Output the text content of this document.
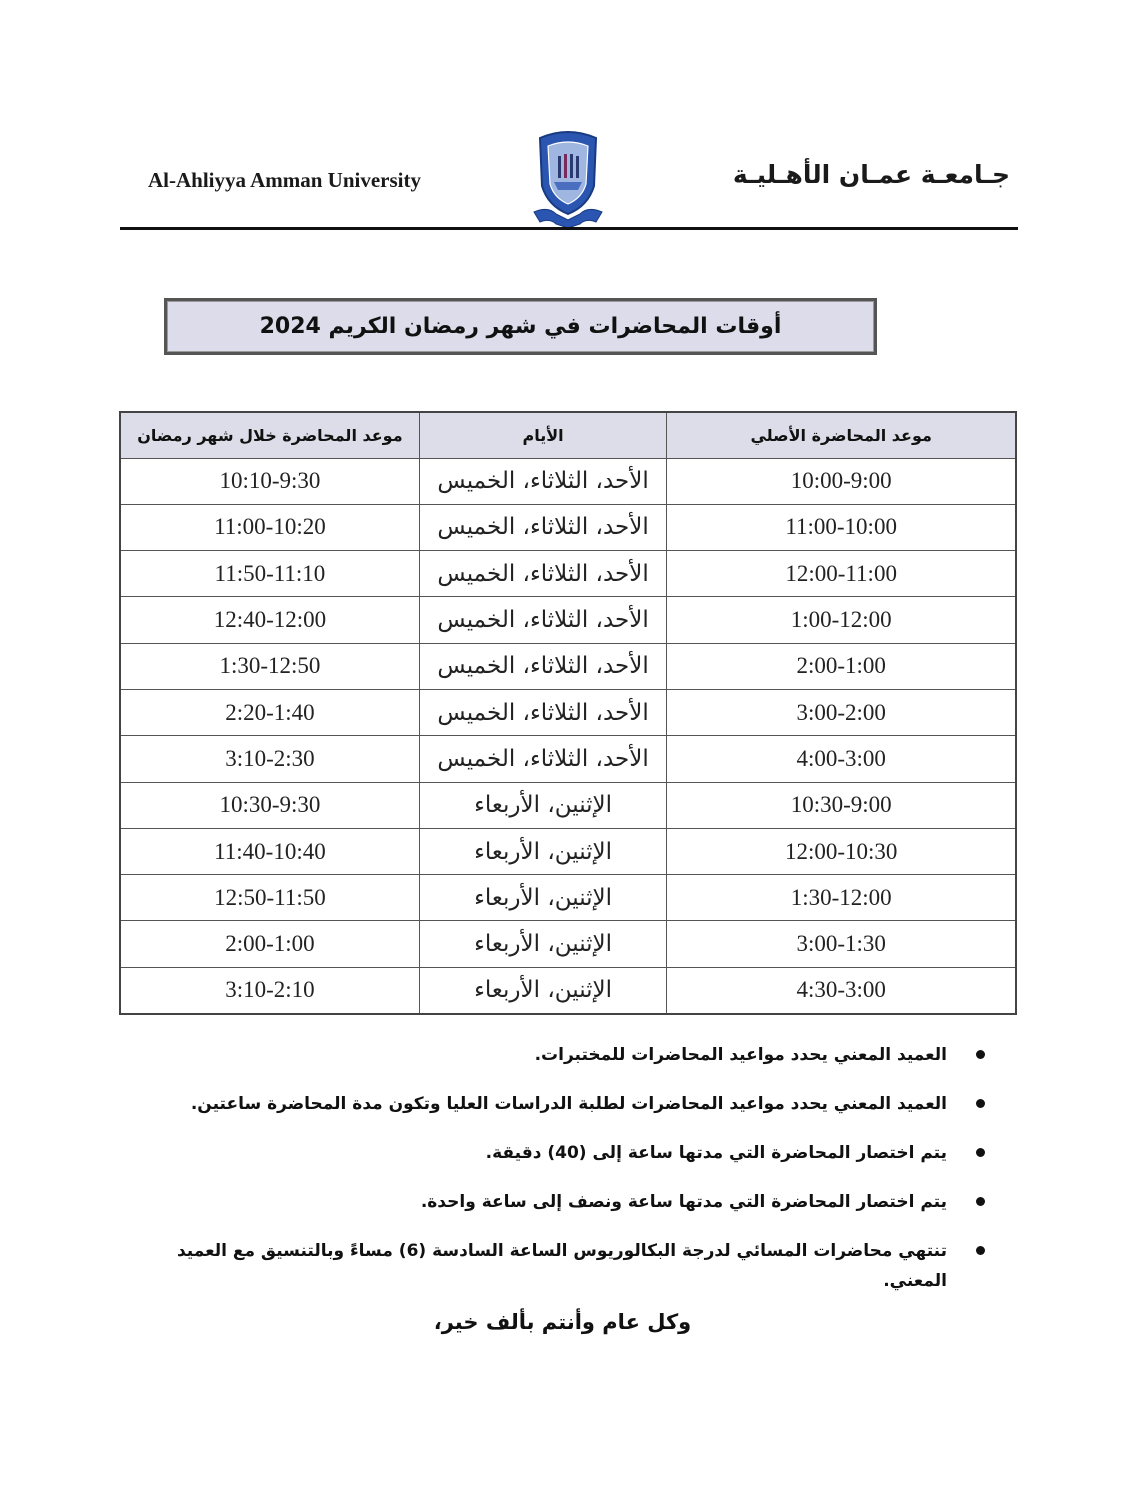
Al-Ahliyya Amman University	جـامعـة عمـان الأهـليـة
أوقات المحاضرات في شهر رمضان الكريم 2024
موعد المحاضرة الأصلي	الأيام	موعد المحاضرة خلال شهر رمضان
10:00-9:00	الأحد، الثلاثاء، الخميس	10:10-9:30
11:00-10:00	الأحد، الثلاثاء، الخميس	11:00-10:20
12:00-11:00	الأحد، الثلاثاء، الخميس	11:50-11:10
1:00-12:00	الأحد، الثلاثاء، الخميس	12:40-12:00
2:00-1:00	الأحد، الثلاثاء، الخميس	1:30-12:50
3:00-2:00	الأحد، الثلاثاء، الخميس	2:20-1:40
4:00-3:00	الأحد، الثلاثاء، الخميس	3:10-2:30
10:30-9:00	الإثنين، الأربعاء	10:30-9:30
12:00-10:30	الإثنين، الأربعاء	11:40-10:40
1:30-12:00	الإثنين، الأربعاء	12:50-11:50
3:00-1:30	الإثنين، الأربعاء	2:00-1:00
4:30-3:00	الإثنين، الأربعاء	3:10-2:10
العميد المعني يحدد مواعيد المحاضرات للمختبرات.
العميد المعني يحدد مواعيد المحاضرات لطلبة الدراسات العليا وتكون مدة المحاضرة ساعتين.
يتم اختصار المحاضرة التي مدتها ساعة إلى (40) دقيقة.
يتم اختصار المحاضرة التي مدتها ساعة ونصف إلى ساعة واحدة.
تنتهي محاضرات المسائي لدرجة البكالوريوس الساعة السادسة (6) مساءً وبالتنسيق مع العميد المعني.
وكل عام وأنتم بألف خير،
